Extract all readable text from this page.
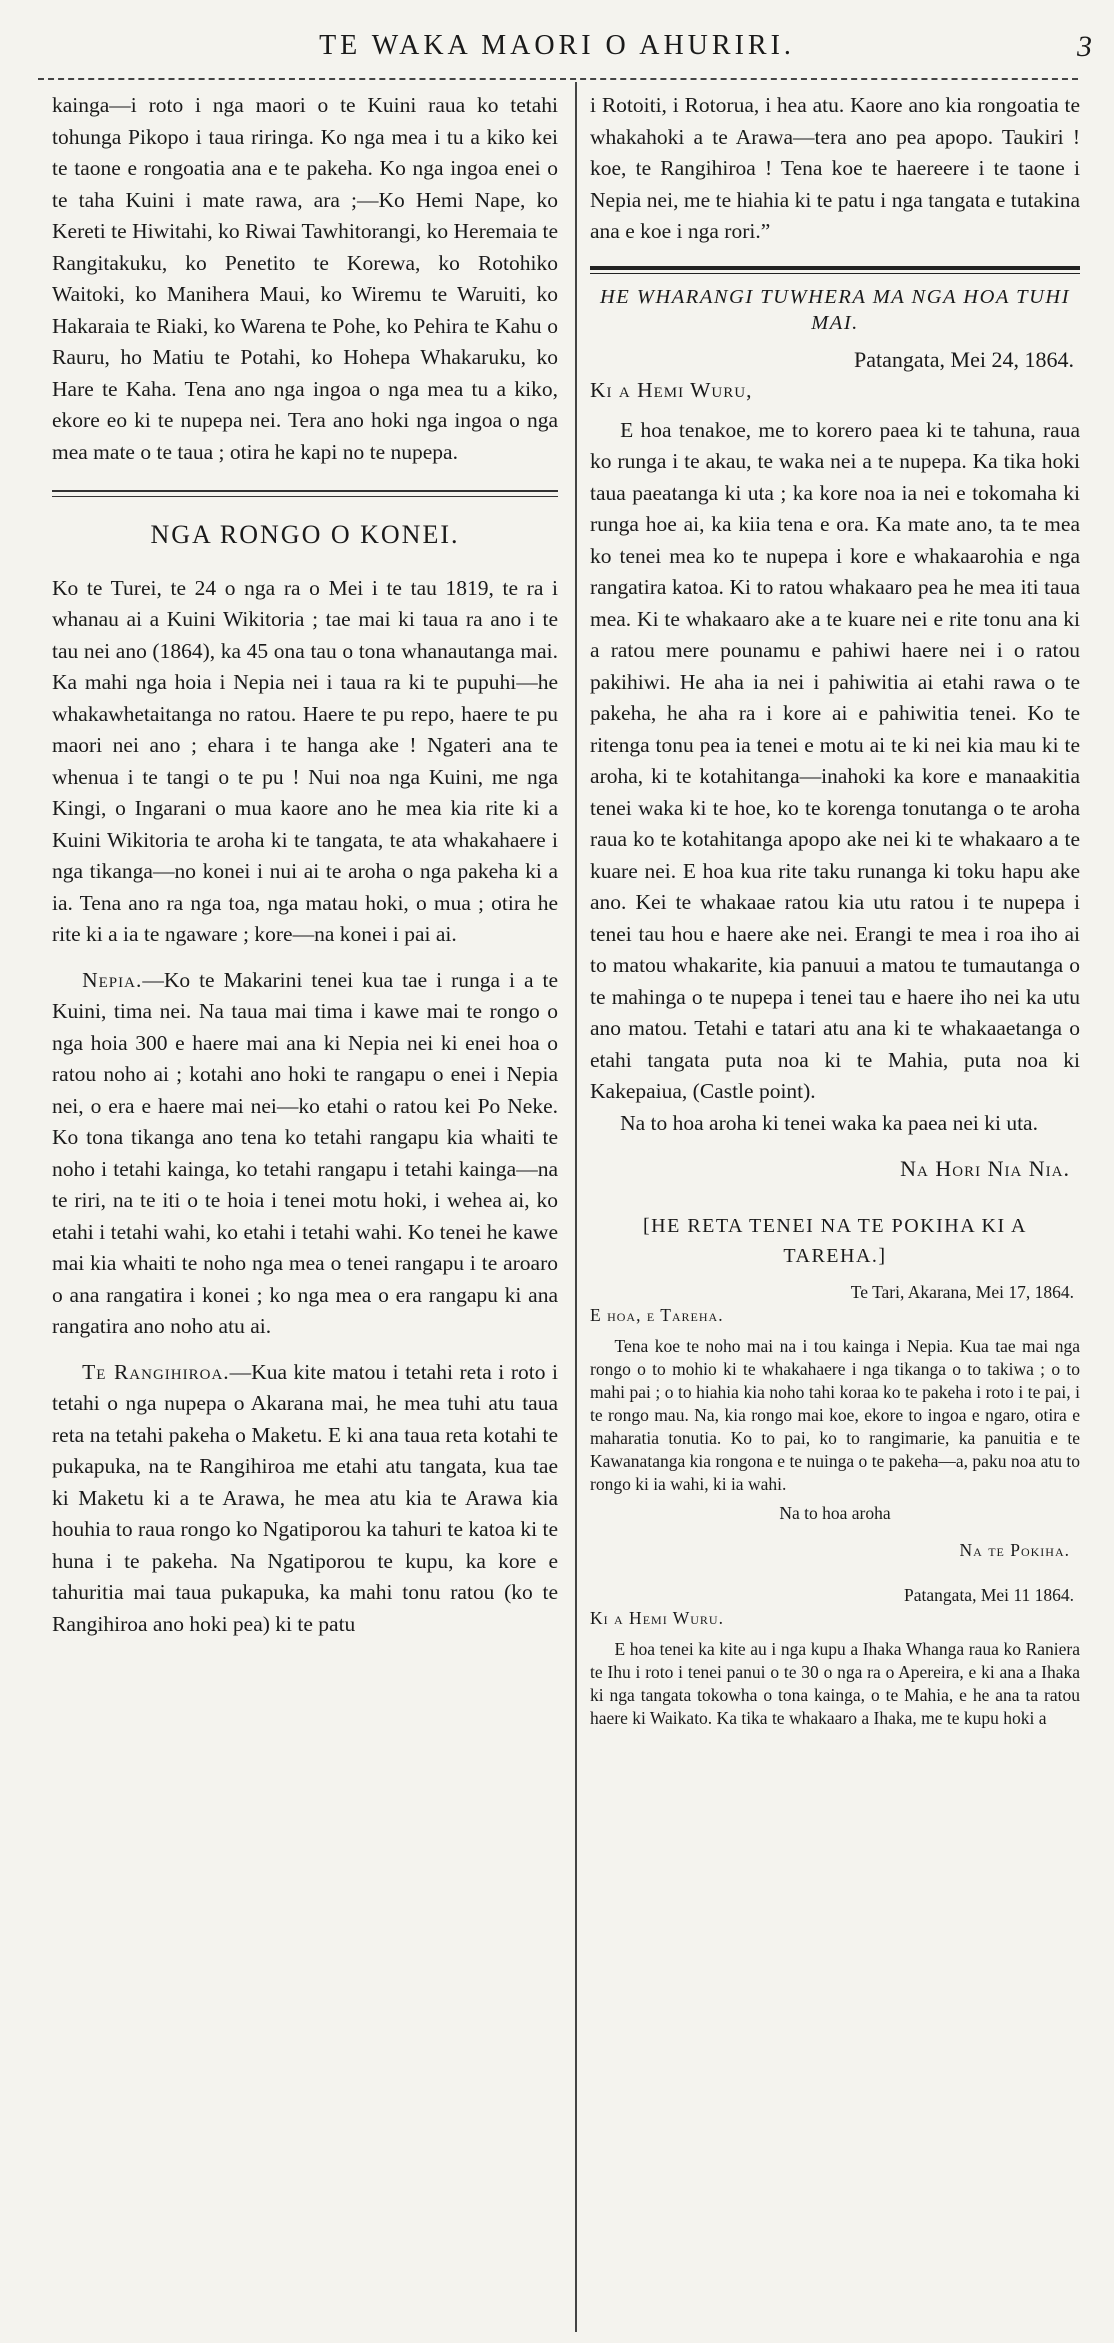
TE WAKA MAORI O AHURIRI.	3

kainga—i roto i nga maori o te Kuini raua ko tetahi tohunga Pikopo i taua riringa. Ko nga mea i tu a kiko kei te taone e rongoatia ana e te pakeha. Ko nga ingoa enei o te taha Kuini i mate rawa, ara ;—Ko Hemi Nape, ko Kereti te Hiwitahi, ko Riwai Tawhitorangi, ko Heremaia te Rangitakuku, ko Penetito te Korewa, ko Rotohiko Waitoki, ko Manihera Maui, ko Wiremu te Waruiti, ko Hakaraia te Riaki, ko Warena te Pohe, ko Pehira te Kahu o Rauru, ho Matiu te Potahi, ko Hohepa Whakaruku, ko Hare te Kaha. Tena ano nga ingoa o nga mea tu a kiko, ekore eo ki te nupepa nei. Tera ano hoki nga ingoa o nga mea mate o te taua ; otira he kapi no te nupepa.

NGA RONGO O KONEI.

Ko te Turei, te 24 o nga ra o Mei i te tau 1819, te ra i whanau ai a Kuini Wikitoria ; tae mai ki taua ra ano i te tau nei ano (1864), ka 45 ona tau o tona whanautanga mai. Ka mahi nga hoia i Nepia nei i taua ra ki te pupuhi—he whakawhetaitanga no ratou. Haere te pu repo, haere te pu maori nei ano ; ehara i te hanga ake ! Ngateri ana te whenua i te tangi o te pu ! Nui noa nga Kuini, me nga Kingi, o Ingarani o mua kaore ano he mea kia rite ki a Kuini Wikitoria te aroha ki te tangata, te ata whakahaere i nga tikanga—no konei i nui ai te aroha o nga pakeha ki a ia. Tena ano ra nga toa, nga matau hoki, o mua ; otira he rite ki a ia te ngaware ; kore—na konei i pai ai.

Nepia.—Ko te Makarini tenei kua tae i runga i a te Kuini, tima nei. Na taua mai tima i kawe mai te rongo o nga hoia 300 e haere mai ana ki Nepia nei ki enei hoa o ratou noho ai ; kotahi ano hoki te rangapu o enei i Nepia nei, o era e haere mai nei—ko etahi o ratou kei Po Neke. Ko tona tikanga ano tena ko tetahi rangapu kia whaiti te noho i tetahi kainga, ko tetahi rangapu i tetahi kainga—na te riri, na te iti o te hoia i tenei motu hoki, i wehea ai, ko etahi i tetahi wahi, ko etahi i tetahi wahi. Ko tenei he kawe mai kia whaiti te noho nga mea o tenei rangapu i te aroaro o ana rangatira i konei ; ko nga mea o era rangapu ki ana rangatira ano noho atu ai.

Te Rangihiroa.—Kua kite matou i tetahi reta i roto i tetahi o nga nupepa o Akarana mai, he mea tuhi atu taua reta na tetahi pakeha o Maketu. E ki ana taua reta kotahi te pukapuka, na te Rangihiroa me etahi atu tangata, kua tae ki Maketu ki a te Arawa, he mea atu kia te Arawa kia houhia to raua rongo ko Ngatiporou ka tahuri te katoa ki te huna i te pakeha. Na Ngatiporou te kupu, ka kore e tahuritia mai taua pukapuka, ka mahi tonu ratou (ko te Rangihiroa ano hoki pea) ki te patu

i Rotoiti, i Rotorua, i hea atu. Kaore ano kia rongoatia te whakahoki a te Arawa—tera ano pea apopo. Taukiri ! koe, te Rangihiroa ! Tena koe te haereere i te taone i Nepia nei, me te hiahia ki te patu i nga tangata e tutakina ana e koe i nga rori.”

HE WHARANGI TUWHERA MA NGA HOA TUHI MAI.
Patangata, Mei 24, 1864.
Ki a Hemi Wuru,

E hoa tenakoe, me to korero paea ki te tahuna, raua ko runga i te akau, te waka nei a te nupepa. Ka tika hoki taua paeatanga ki uta ; ka kore noa ia nei e tokomaha ki runga hoe ai, ka kiia tena e ora. Ka mate ano, ta te mea ko tenei mea ko te nupepa i kore e whakaarohia e nga rangatira katoa. Ki to ratou whakaaro pea he mea iti taua mea. Ki te whakaaro ake a te kuare nei e rite tonu ana ki a ratou mere pounamu e pahiwi haere nei i o ratou pakihiwi. He aha ia nei i pahiwitia ai etahi rawa o te pakeha, he aha ra i kore ai e pahiwitia tenei. Ko te ritenga tonu pea ia tenei e motu ai te ki nei kia mau ki te aroha, ki te kotahitanga—inahoki ka kore e manaakitia tenei waka ki te hoe, ko te korenga tonutanga o te aroha raua ko te kotahitanga apopo ake nei ki te whakaaro a te kuare nei. E hoa kua rite taku runanga ki toku hapu ake ano. Kei te whakaae ratou kia utu ratou i te nupepa i tenei tau hou e haere ake nei. Erangi te mea i roa iho ai to matou whakarite, kia panuui a matou te tumautanga o te mahinga o te nupepa i tenei tau e haere iho nei ka utu ano matou. Tetahi e tatari atu ana ki te whakaaetanga o etahi tangata puta noa ki te Mahia, puta noa ki Kakepaiua, (Castle point).

Na to hoa aroha ki tenei waka ka paea nei ki uta.

Na Hori Nia Nia.
[HE RETA TENEI NA TE POKIHA KI A TAREHA.]
Te Tari, Akarana, Mei 17, 1864.
E hoa, e Tareha.

Tena koe te noho mai na i tou kainga i Nepia. Kua tae mai nga rongo o to mohio ki te whakahaere i nga tikanga o to takiwa ; o to mahi pai ; o to hiahia kia noho tahi koraa ko te pakeha i roto i te pai, i te rongo mau. Na, kia rongo mai koe, ekore to ingoa e ngaro, otira e maharatia tonutia. Ko to pai, ko to rangimarie, ka panuitia e te Kawanatanga kia rongona e te nuinga o te pakeha—a, paku noa atu to rongo ki ia wahi, ki ia wahi.

Na to hoa aroha
Na te Pokiha.
Patangata, Mei 11 1864.
Ki a Hemi Wuru.

E hoa tenei ka kite au i nga kupu a Ihaka Whanga raua ko Raniera te Ihu i roto i tenei panui o te 30 o nga ra o Apereira, e ki ana a Ihaka ki nga tangata tokowha o tona kainga, o te Mahia, e he ana ta ratou haere ki Waikato. Ka tika te whakaaro a Ihaka, me te kupu hoki a
